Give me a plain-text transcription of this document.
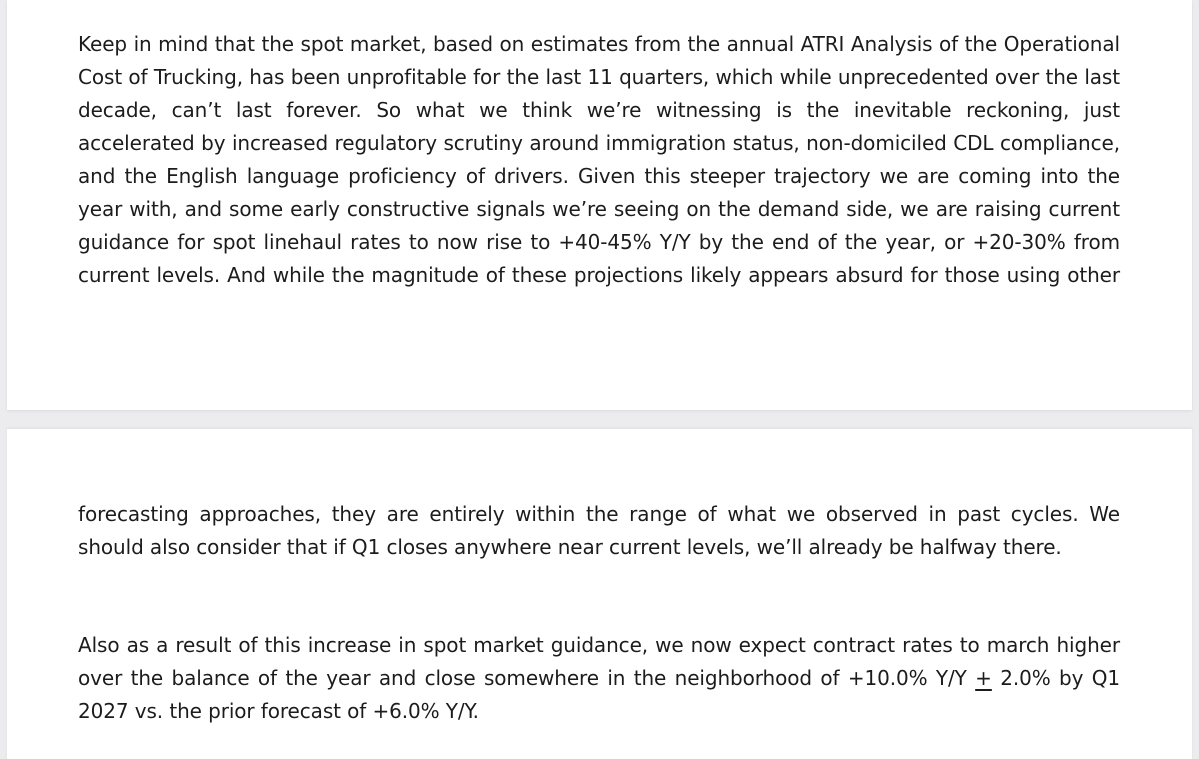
Keep in mind that the spot market, based on estimates from the annual ATRI Analysis of the Operational Cost of Trucking, has been unprofitable for the last 11 quarters, which while unprecedented over the last decade, can’t last forever. So what we think we’re witnessing is the inevitable reckoning, just accelerated by increased regulatory scrutiny around immigration status, non-domiciled CDL compliance, and the English language proficiency of drivers. Given this steeper trajectory we are coming into the year with, and some early constructive signals we’re seeing on the demand side, we are raising current guidance for spot linehaul rates to now rise to +40-45% Y/Y by the end of the year, or +20-30% from current levels. And while the magnitude of these projections likely appears absurd for those using other

forecasting approaches, they are entirely within the range of what we observed in past cycles. We should also consider that if Q1 closes anywhere near current levels, we’ll already be halfway there.

Also as a result of this increase in spot market guidance, we now expect contract rates to march higher over the balance of the year and close somewhere in the neighborhood of +10.0% Y/Y + 2.0% by Q1 2027 vs. the prior forecast of +6.0% Y/Y.
